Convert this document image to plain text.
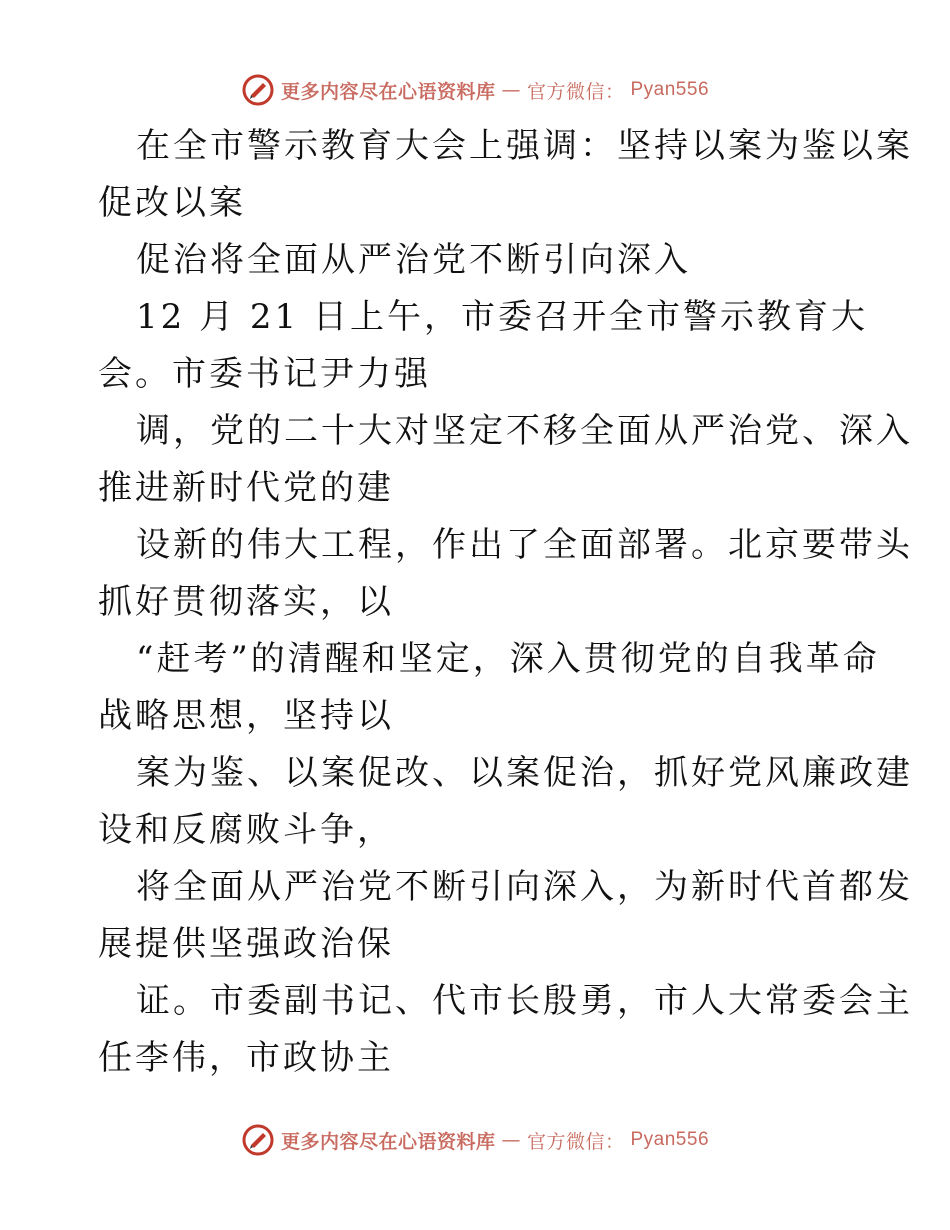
更多内容尽在心语资料库 — 官方微信： Pyan556
在全市警示教育大会上强调：坚持以案为鉴以案
促改以案
促治将全面从严治党不断引向深入
12 月 21 日上午，市委召开全市警示教育大
会。市委书记尹力强
调，党的二十大对坚定不移全面从严治党、深入
推进新时代党的建
设新的伟大工程，作出了全面部署。北京要带头
抓好贯彻落实，以
“赶考”的清醒和坚定，深入贯彻党的自我革命
战略思想，坚持以
案为鉴、以案促改、以案促治，抓好党风廉政建
设和反腐败斗争，
将全面从严治党不断引向深入，为新时代首都发
展提供坚强政治保
证。市委副书记、代市长殷勇，市人大常委会主
任李伟，市政协主
更多内容尽在心语资料库 — 官方微信： Pyan556
